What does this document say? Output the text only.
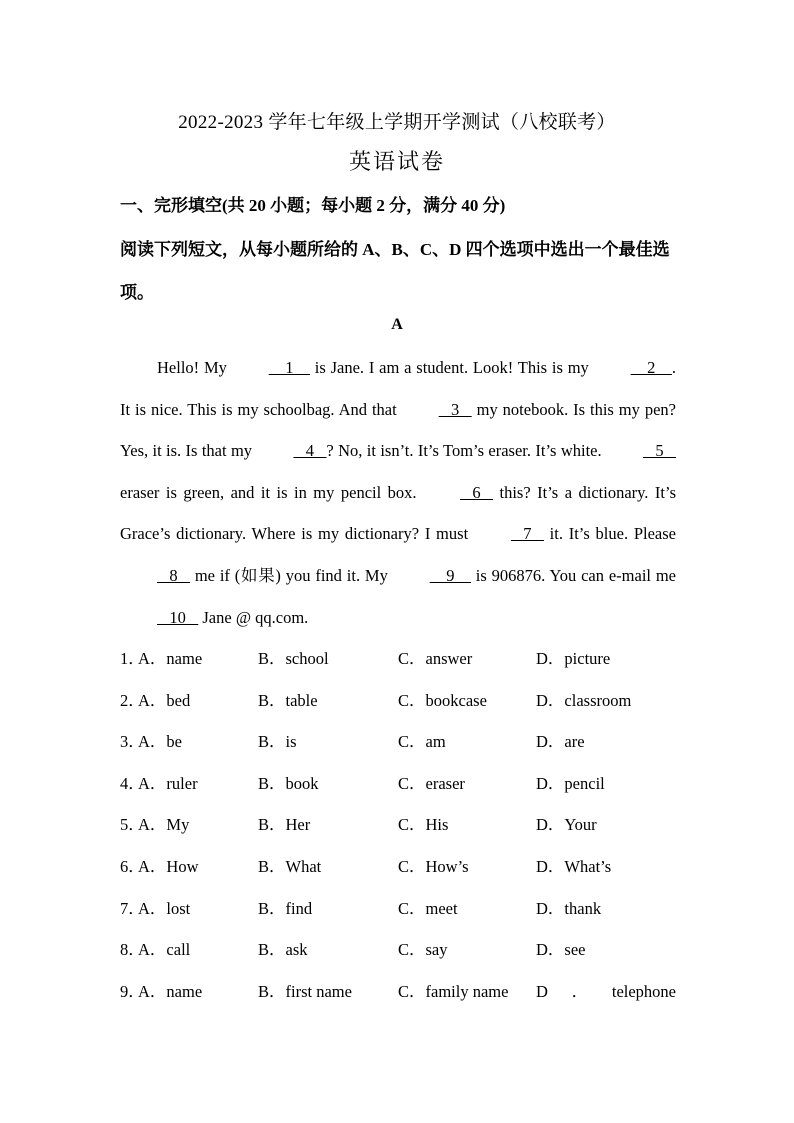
2022-2023 学年七年级上学期开学测试（八校联考）
英语试卷
一、完形填空(共 20 小题；每小题 2 分，满分 40 分)
阅读下列短文，从每小题所给的 A、B、C、D 四个选项中选出一个最佳选项。
A

Hello! My     1     is Jane. I am a student. Look! This is my     2    . It is nice. This is my schoolbag. And that    3    my notebook. Is this my pen? Yes, it is. Is that my    4   ? No, it isn’t. It’s Tom’s eraser. It’s white.    5    eraser is green, and it is in my pencil box.    6    this? It’s a dictionary. It’s Grace’s dictionary. Where is my dictionary? I must    7    it. It’s blue. Please    8    me if (如果) you find it. My     9     is 906876. You can e-mail me    10    Jane @ qq.com.

1．
A．name	B．school	C．answer	D．picture
2．
A．bed	B．table	C．bookcase	D．classroom
3．
A．be	B．is	C．am	D．are
4．
A．ruler	B．book	C．eraser	D．pencil
5．
A．My	B．Her	C．His	D．Your
6．
A．How	B．What	C．How’s	D．What’s
7．
A．lost	B．find	C．meet	D．thank
8．
A．call	B．ask	C．say	D．see
9．
A．name	B．first name	C．family name D ． telephone
